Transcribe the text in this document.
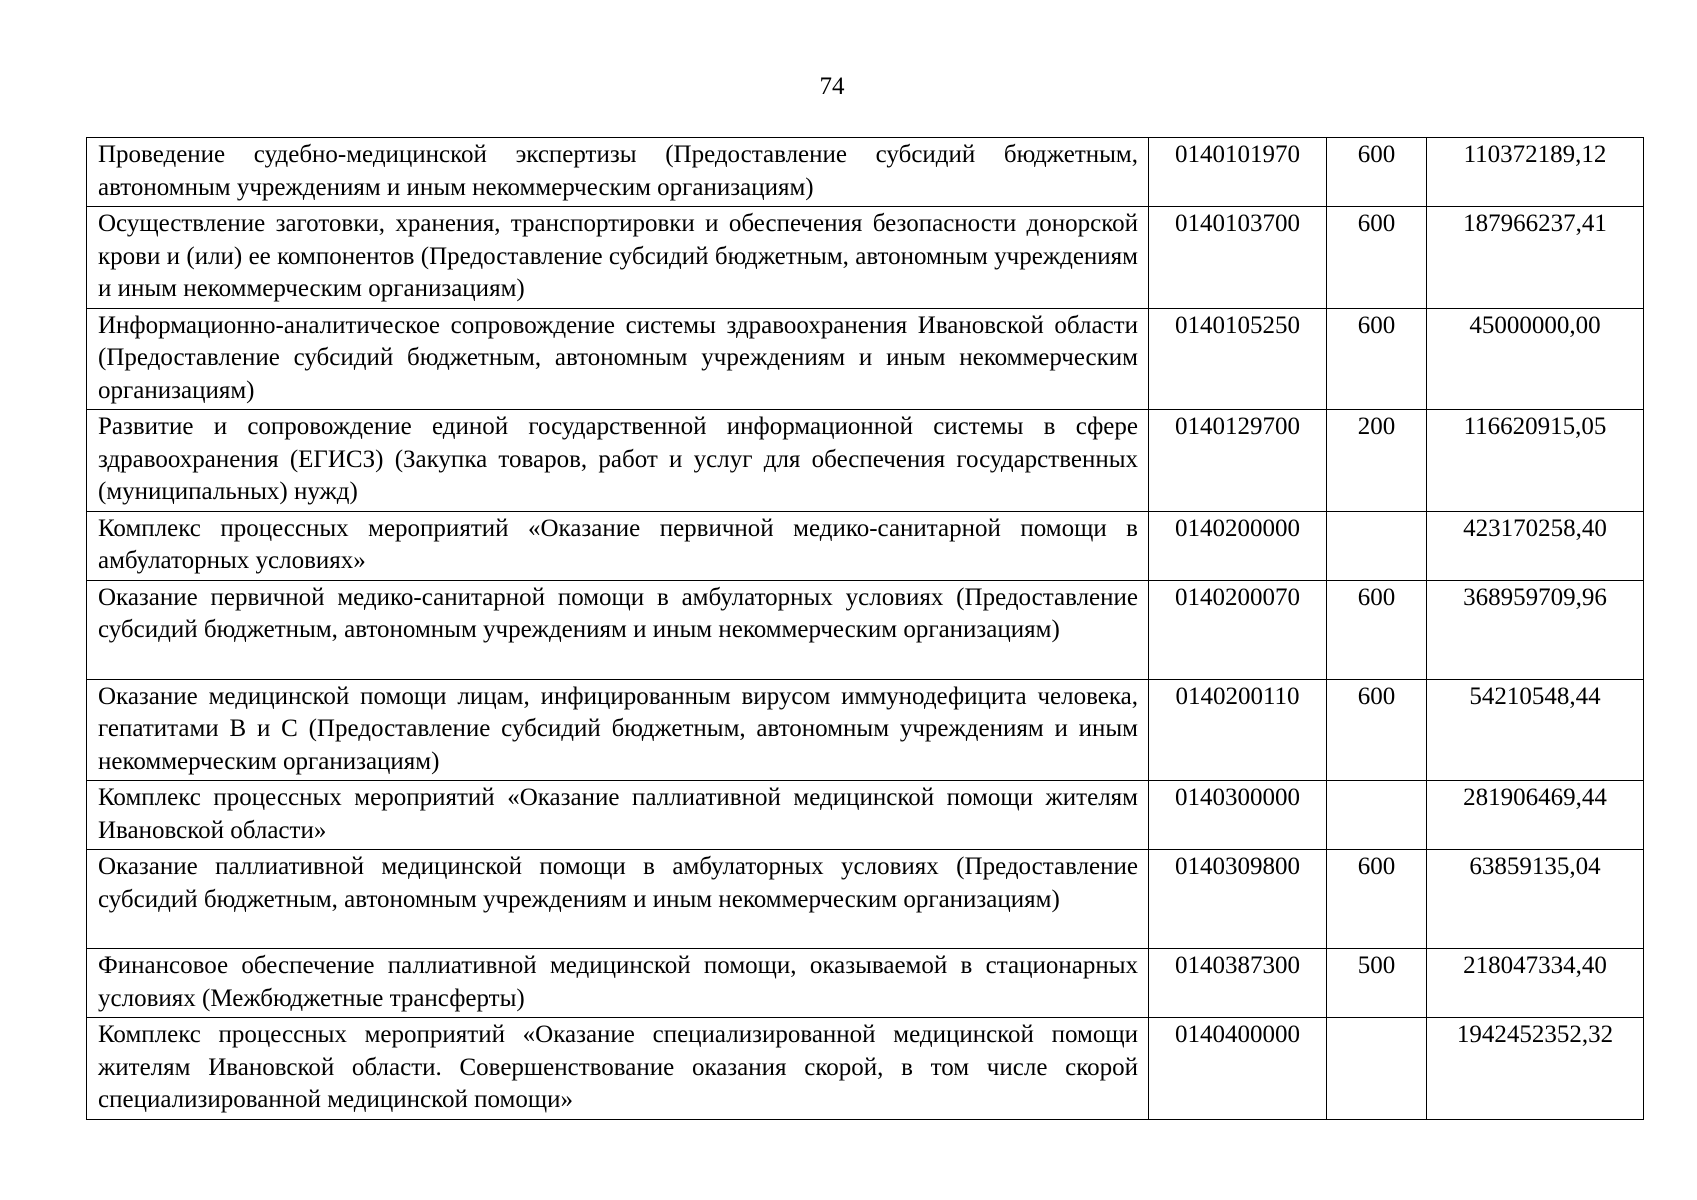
74
Проведение судебно-медицинской экспертизы (Предоставление субсидий бюджетным, автономным учреждениям и иным некоммерческим организациям)	0140101970	600	110372189,12
Осуществление заготовки, хранения, транспортировки и обеспечения безопасности донорской крови и (или) ее компонентов (Предоставление субсидий бюджетным, автономным учреждениям и иным некоммерческим организациям)	0140103700	600	187966237,41
Информационно-аналитическое сопровождение системы здравоохранения Ивановской области (Предоставление субсидий бюджетным, автономным учреждениям и иным некоммерческим организациям)	0140105250	600	45000000,00
Развитие и сопровождение единой государственной информационной системы в сфере здравоохранения (ЕГИСЗ) (Закупка товаров, работ и услуг для обеспечения государственных (муниципальных) нужд)	0140129700	200	116620915,05
Комплекс процессных мероприятий «Оказание первичной медико-санитарной помощи в амбулаторных условиях»	0140200000		423170258,40
Оказание первичной медико-санитарной помощи в амбулаторных условиях (Предоставление субсидий бюджетным, автономным учреждениям и иным некоммерческим организациям)	0140200070	600	368959709,96
Оказание медицинской помощи лицам, инфицированным вирусом иммунодефицита человека, гепатитами В и С (Предоставление субсидий бюджетным, автономным учреждениям и иным некоммерческим организациям)	0140200110	600	54210548,44
Комплекс процессных мероприятий «Оказание паллиативной медицинской помощи жителям Ивановской области»	0140300000		281906469,44
Оказание паллиативной медицинской помощи в амбулаторных условиях (Предоставление субсидий бюджетным, автономным учреждениям и иным некоммерческим организациям)	0140309800	600	63859135,04
Финансовое обеспечение паллиативной медицинской помощи, оказываемой в стационарных условиях (Межбюджетные трансферты)	0140387300	500	218047334,40
Комплекс процессных мероприятий «Оказание специализированной медицинской помощи жителям Ивановской области. Совершенствование оказания скорой, в том числе скорой специализированной медицинской помощи»	0140400000		1942452352,32
